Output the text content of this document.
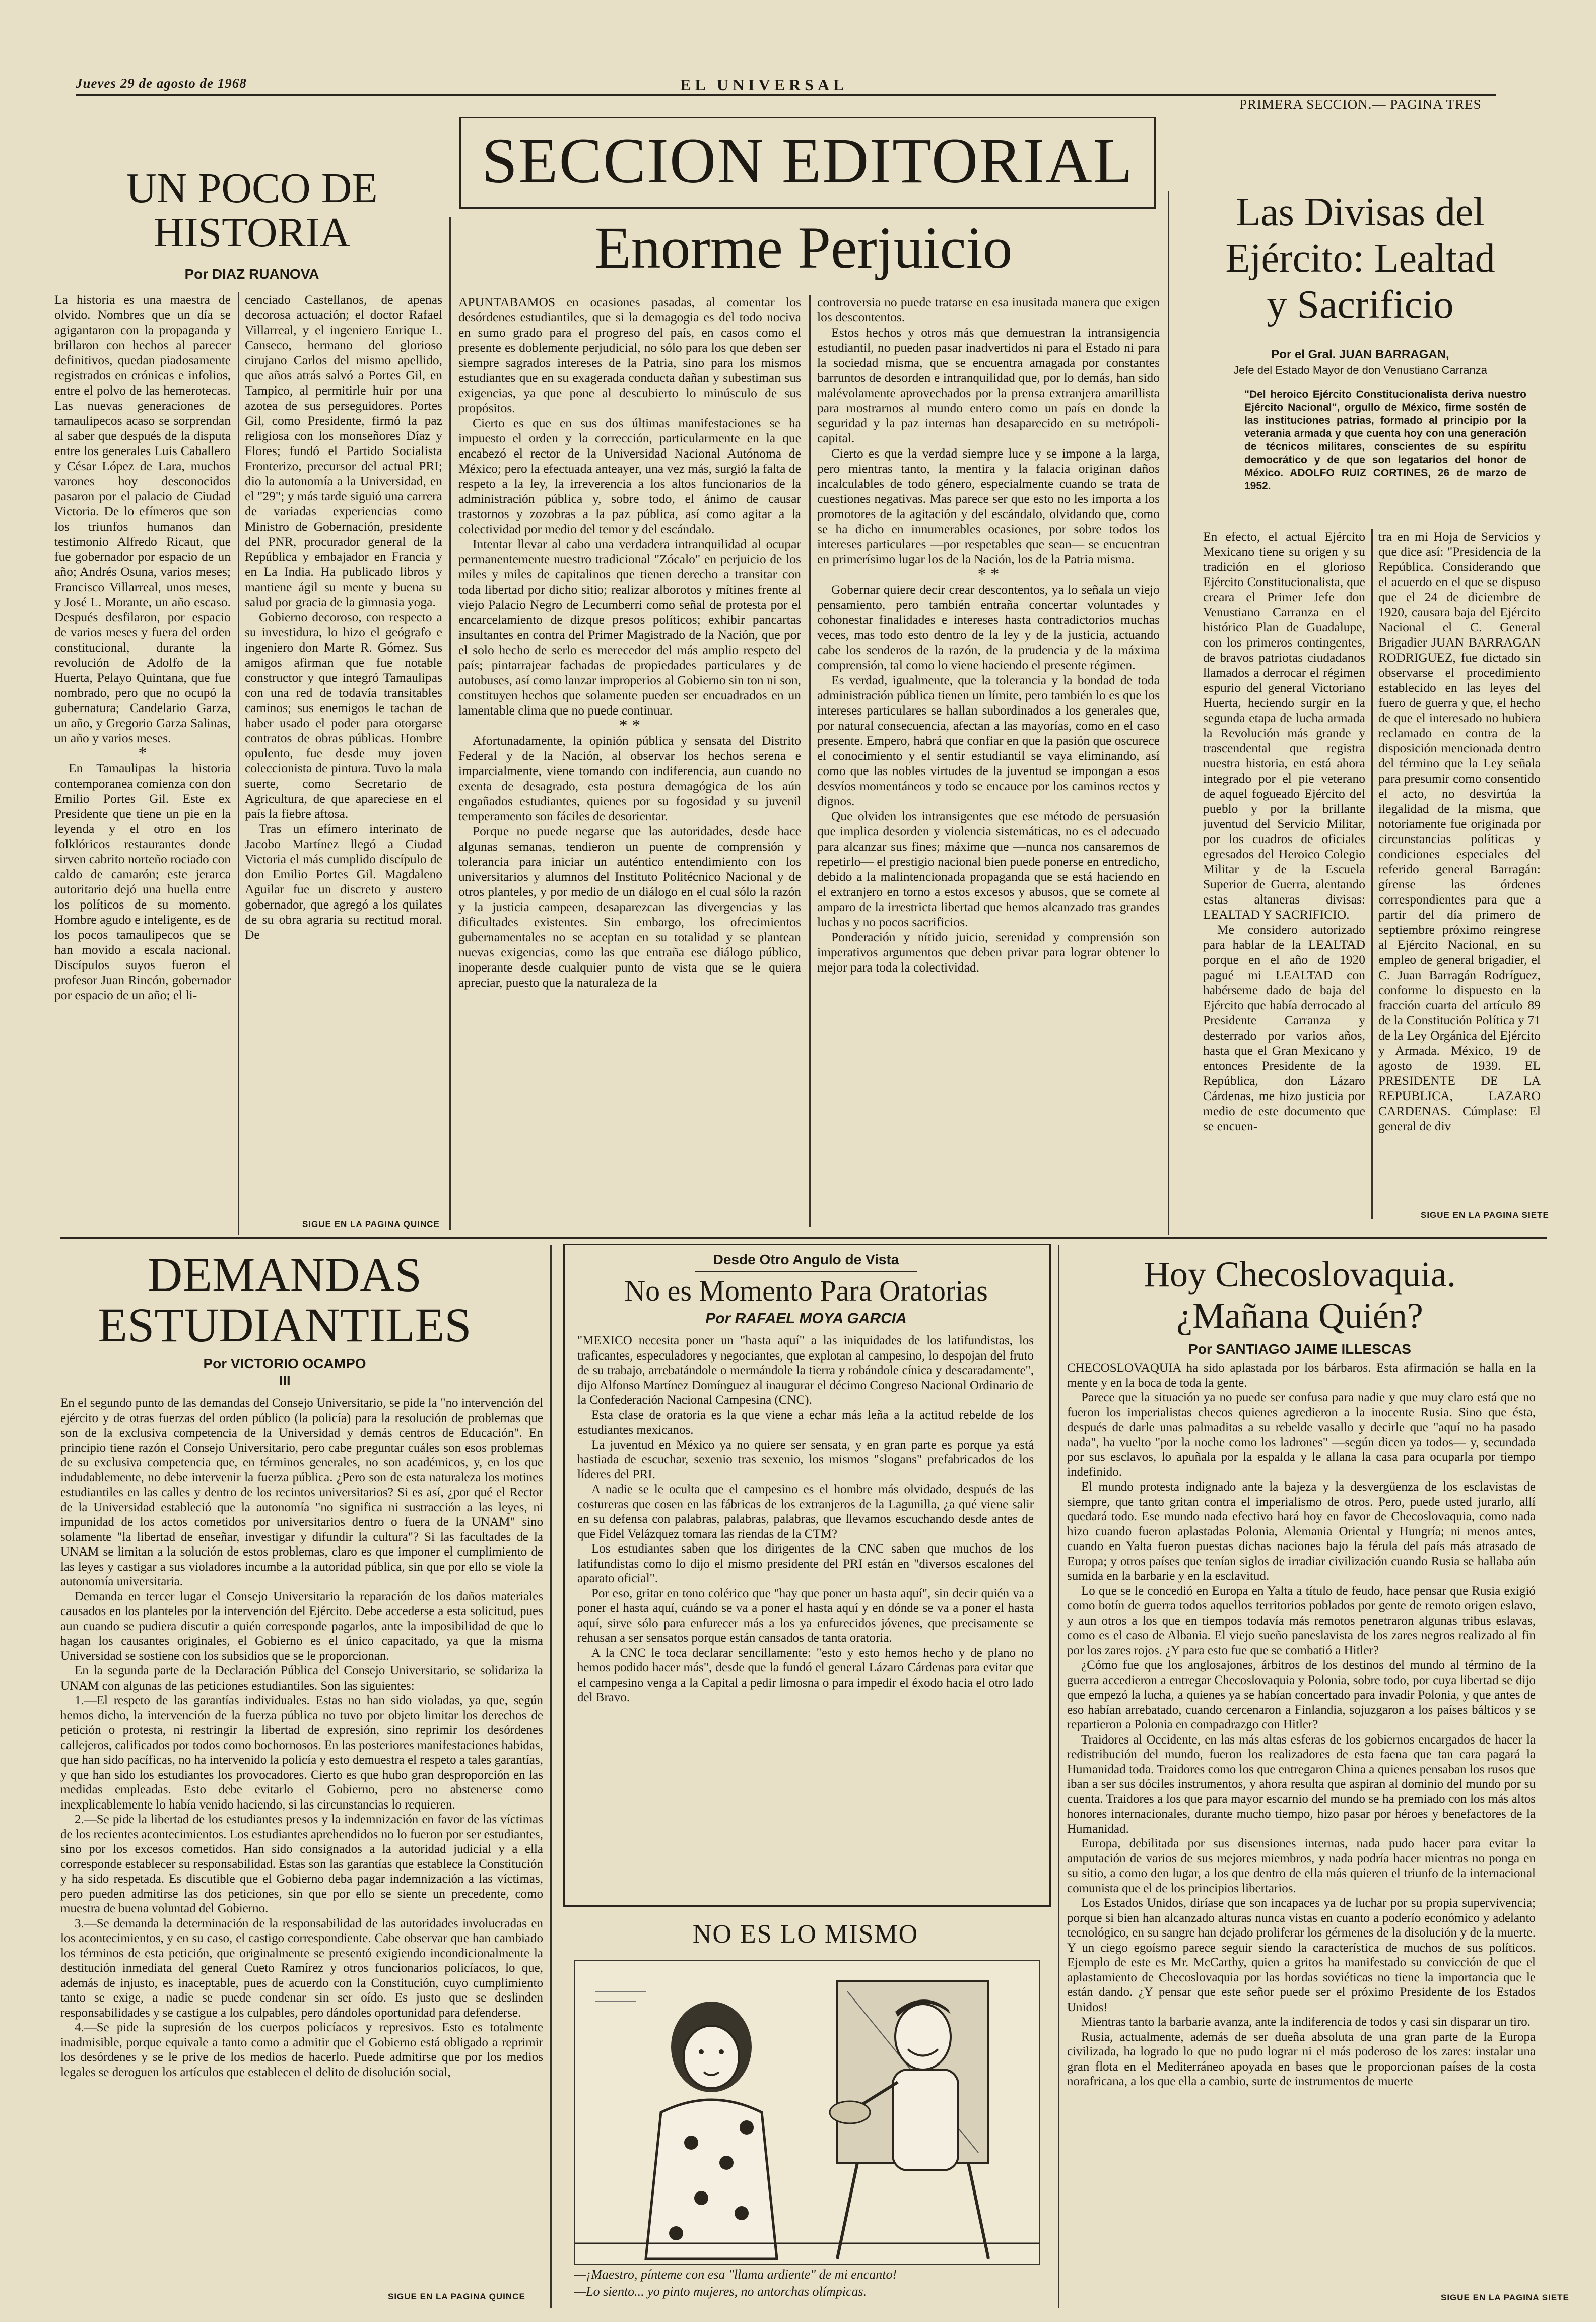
Jueves 29 de agosto de 1968	EL UNIVERSAL
PRIMERA SECCION.— PAGINA TRES
SECCION EDITORIAL
UN POCO DE
HISTORIA
Por DIAZ RUANOVA

La historia es una maestra de olvido. Nombres que un día se agigantaron con la propaganda y brillaron con hechos al parecer definitivos, quedan piadosamente registrados en crónicas e infolios, entre el polvo de las hemerotecas. Las nuevas generaciones de tamaulipecos acaso se sorprendan al saber que después de la disputa entre los generales Luis Caballero y César López de Lara, muchos varones hoy desconocidos pasaron por el palacio de Ciudad Victoria. De lo efímeros que son los triunfos humanos dan testimonio Alfredo Ricaut, que fue gobernador por espacio de un año; Andrés Osuna, varios meses; Francisco Villarreal, unos meses, y José L. Morante, un año escaso. Después desfilaron, por espacio de varios meses y fuera del orden constitucional, durante la revolución de Adolfo de la Huerta, Pelayo Quintana, que fue nombrado, pero que no ocupó la gubernatura; Candelario Garza, un año, y Gregorio Garza Salinas, un año y varios meses.

*

En Tamaulipas la historia contemporanea comienza con don Emilio Portes Gil. Este ex Presidente que tiene un pie en la leyenda y el otro en los folklóricos restaurantes donde sirven cabrito norteño rociado con caldo de camarón; este jerarca autoritario dejó una huella entre los políticos de su momento. Hombre agudo e inteligente, es de los pocos tamaulipecos que se han movido a escala nacional. Discípulos suyos fueron el profesor Juan Rincón, gobernador por espacio de un año; el li-

cenciado Castellanos, de apenas decorosa actuación; el doctor Rafael Villarreal, y el ingeniero Enrique L. Canseco, hermano del glorioso cirujano Carlos del mismo apellido, que años atrás salvó a Portes Gil, en Tampico, al permitirle huir por una azotea de sus perseguidores. Portes Gil, como Presidente, firmó la paz religiosa con los monseñores Díaz y Flores; fundó el Partido Socialista Fronterizo, precursor del actual PRI; dio la autonomía a la Universidad, en el "29"; y más tarde siguió una carrera de variadas experiencias como Ministro de Gobernación, presidente del PNR, procurador general de la República y embajador en Francia y en La India. Ha publicado libros y mantiene ágil su mente y buena su salud por gracia de la gimnasia yoga.

Gobierno decoroso, con respecto a su investidura, lo hizo el geógrafo e ingeniero don Marte R. Gómez. Sus amigos afirman que fue notable constructor y que integró Tamaulipas con una red de todavía transitables caminos; sus enemigos le tachan de haber usado el poder para otorgarse contratos de obras públicas. Hombre opulento, fue desde muy joven coleccionista de pintura. Tuvo la mala suerte, como Secretario de Agricultura, de que apareciese en el país la fiebre aftosa.

Tras un efímero interinato de Jacobo Martínez llegó a Ciudad Victoria el más cumplido discípulo de don Emilio Portes Gil. Magdaleno Aguilar fue un discreto y austero gobernador, que agregó a los quilates de su obra agraria su rectitud moral. De

SIGUE EN LA PAGINA QUINCE
Enorme Perjuicio

APUNTABAMOS en ocasiones pasadas, al comentar los desórdenes estudiantiles, que si la demagogia es del todo nociva en sumo grado para el progreso del país, en casos como el presente es doblemente perjudicial, no sólo para los que deben ser siempre sagrados intereses de la Patria, sino para los mismos estudiantes que en su exagerada conducta dañan y subestiman sus exigencias, ya que pone al descubierto lo minúsculo de sus propósitos.

Cierto es que en sus dos últimas manifestaciones se ha impuesto el orden y la corrección, particularmente en la que encabezó el rector de la Universidad Nacional Autónoma de México; pero la efectuada anteayer, una vez más, surgió la falta de respeto a la ley, la irreverencia a los altos funcionarios de la administración pública y, sobre todo, el ánimo de causar trastornos y zozobras a la paz pública, así como agitar a la colectividad por medio del temor y del escándalo.

Intentar llevar al cabo una verdadera intranquilidad al ocupar permanentemente nuestro tradicional "Zócalo" en perjuicio de los miles y miles de capitalinos que tienen derecho a transitar con toda libertad por dicho sitio; realizar alborotos y mítines frente al viejo Palacio Negro de Lecumberri como señal de protesta por el encarcelamiento de dizque presos políticos; exhibir pancartas insultantes en contra del Primer Magistrado de la Nación, que por el solo hecho de serlo es merecedor del más amplio respeto del país; pintarrajear fachadas de propiedades particulares y de autobuses, así como lanzar improperios al Gobierno sin ton ni son, constituyen hechos que solamente pueden ser encuadrados en un lamentable clima que no puede continuar.

* *

Afortunadamente, la opinión pública y sensata del Distrito Federal y de la Nación, al observar los hechos serena e imparcialmente, viene tomando con indiferencia, aun cuando no exenta de desagrado, esta postura demagógica de los aún engañados estudiantes, quienes por su fogosidad y su juvenil temperamento son fáciles de desorientar.

Porque no puede negarse que las autoridades, desde hace algunas semanas, tendieron un puente de comprensión y tolerancia para iniciar un auténtico entendimiento con los universitarios y alumnos del Instituto Politécnico Nacional y de otros planteles, y por medio de un diálogo en el cual sólo la razón y la justicia campeen, desaparezcan las divergencias y las dificultades existentes. Sin embargo, los ofrecimientos gubernamentales no se aceptan en su totalidad y se plantean nuevas exigencias, como las que entraña ese diálogo público, inoperante desde cualquier punto de vista que se le quiera apreciar, puesto que la naturaleza de la

controversia no puede tratarse en esa inusitada manera que exigen los descontentos.

Estos hechos y otros más que demuestran la intransigencia estudiantil, no pueden pasar inadvertidos ni para el Estado ni para la sociedad misma, que se encuentra amagada por constantes barruntos de desorden e intranquilidad que, por lo demás, han sido malévolamente aprovechados por la prensa extranjera amarillista para mostrarnos al mundo entero como un país en donde la seguridad y la paz internas han desaparecido en su metrópoli-capital.

Cierto es que la verdad siempre luce y se impone a la larga, pero mientras tanto, la mentira y la falacia originan daños incalculables de todo género, especialmente cuando se trata de cuestiones negativas. Mas parece ser que esto no les importa a los promotores de la agitación y del escándalo, olvidando que, como se ha dicho en innumerables ocasiones, por sobre todos los intereses particulares —por respetables que sean— se encuentran en primerísimo lugar los de la Nación, los de la Patria misma.

* *

Gobernar quiere decir crear descontentos, ya lo señala un viejo pensamiento, pero también entraña concertar voluntades y cohonestar finalidades e intereses hasta contradictorios muchas veces, mas todo esto dentro de la ley y de la justicia, actuando cabe los senderos de la razón, de la prudencia y de la máxima comprensión, tal como lo viene haciendo el presente régimen.

Es verdad, igualmente, que la tolerancia y la bondad de toda administración pública tienen un límite, pero también lo es que los intereses particulares se hallan subordinados a los generales que, por natural consecuencia, afectan a las mayorías, como en el caso presente. Empero, habrá que confiar en que la pasión que oscurece el conocimiento y el sentir estudiantil se vaya eliminando, así como que las nobles virtudes de la juventud se impongan a esos desvíos momentáneos y todo se encauce por los caminos rectos y dignos.

Que olviden los intransigentes que ese método de persuasión que implica desorden y violencia sistemáticas, no es el adecuado para alcanzar sus fines; máxime que —nunca nos cansaremos de repetirlo— el prestigio nacional bien puede ponerse en entredicho, debido a la malintencionada propaganda que se está haciendo en el extranjero en torno a estos excesos y abusos, que se comete al amparo de la irrestricta libertad que hemos alcanzado tras grandes luchas y no pocos sacrificios.

Ponderación y nítido juicio, serenidad y comprensión son imperativos argumentos que deben privar para lograr obtener lo mejor para toda la colectividad.

Las Divisas del
Ejército: Lealtad
y Sacrificio
Por el Gral. JUAN BARRAGAN,
Jefe del Estado Mayor de don Venustiano Carranza
"Del heroico Ejército Constitucionalista deriva nuestro Ejército Nacional", orgullo de México, firme sostén de las instituciones patrias, formado al principio por la veterania armada y que cuenta hoy con una generación de técnicos militares, conscientes de su espíritu democrático y de que son legatarios del honor de México. ADOLFO RUIZ CORTINES, 26 de marzo de 1952.

En efecto, el actual Ejército Mexicano tiene su origen y su tradición en el glorioso Ejército Constitucionalista, que creara el Primer Jefe don Venustiano Carranza en el histórico Plan de Guadalupe, con los primeros contingentes, de bravos patriotas ciudadanos llamados a derrocar el régimen espurio del general Victoriano Huerta, heciendo surgir en la segunda etapa de lucha armada la Revolución más grande y trascendental que registra nuestra historia, en está ahora integrado por el pie veterano de aquel fogueado Ejército del pueblo y por la brillante juventud del Servicio Militar, por los cuadros de oficiales egresados del Heroico Colegio Militar y de la Escuela Superior de Guerra, alentando estas altaneras divisas: LEALTAD Y SACRIFICIO.

Me considero autorizado para hablar de la LEALTAD porque en el año de 1920 pagué mi LEALTAD con habérseme dado de baja del Ejército que había derrocado al Presidente Carranza y desterrado por varios años, hasta que el Gran Mexicano y entonces Presidente de la República, don Lázaro Cárdenas, me hizo justicia por medio de este documento que se encuen-

tra en mi Hoja de Servicios y que dice así: "Presidencia de la República. Considerando que el acuerdo en el que se dispuso que el 24 de diciembre de 1920, causara baja del Ejército Nacional el C. General Brigadier JUAN BARRAGAN RODRIGUEZ, fue dictado sin observarse el procedimiento establecido en las leyes del fuero de guerra y que, el hecho de que el interesado no hubiera reclamado en contra de la disposición mencionada dentro del término que la Ley señala para presumir como consentido el acto, no desvirtúa la ilegalidad de la misma, que notoriamente fue originada por circunstancias políticas y condiciones especiales del referido general Barragán: gírense las órdenes correspondientes para que a partir del día primero de septiembre próximo reingrese al Ejército Nacional, en su empleo de general brigadier, el C. Juan Barragán Rodríguez, conforme lo dispuesto en la fracción cuarta del artículo 89 de la Constitución Política y 71 de la Ley Orgánica del Ejército y Armada. México, 19 de agosto de 1939. EL PRESIDENTE DE LA REPUBLICA, LAZARO CARDENAS. Cúmplase: El general de div

SIGUE EN LA PAGINA SIETE
DEMANDAS
ESTUDIANTILES
Por VICTORIO OCAMPO
III

En el segundo punto de las demandas del Consejo Universitario, se pide la "no intervención del ejército y de otras fuerzas del orden público (la policía) para la resolución de problemas que son de la exclusiva competencia de la Universidad y demás centros de Educación". En principio tiene razón el Consejo Universitario, pero cabe preguntar cuáles son esos problemas de su exclusiva competencia que, en términos generales, no son académicos, y, en los que indudablemente, no debe intervenir la fuerza pública. ¿Pero son de esta naturaleza los motines estudiantiles en las calles y dentro de los recintos universitarios? Si es así, ¿por qué el Rector de la Universidad estableció que la autonomía "no significa ni sustracción a las leyes, ni impunidad de los actos cometidos por universitarios dentro o fuera de la UNAM" sino solamente "la libertad de enseñar, investigar y difundir la cultura"? Si las facultades de la UNAM se limitan a la solución de estos problemas, claro es que imponer el cumplimiento de las leyes y castigar a sus violadores incumbe a la autoridad pública, sin que por ello se viole la autonomía universitaria.

Demanda en tercer lugar el Consejo Universitario la reparación de los daños materiales causados en los planteles por la intervención del Ejército. Debe accederse a esta solicitud, pues aun cuando se pudiera discutir a quién corresponde pagarlos, ante la imposibilidad de que lo hagan los causantes originales, el Gobierno es el único capacitado, ya que la misma Universidad se sostiene con los subsidios que se le proporcionan.

En la segunda parte de la Declaración Pública del Consejo Universitario, se solidariza la UNAM con algunas de las peticiones estudiantiles. Son las siguientes:

1.—El respeto de las garantías individuales. Estas no han sido violadas, ya que, según hemos dicho, la intervención de la fuerza pública no tuvo por objeto limitar los derechos de petición o protesta, ni restringir la libertad de expresión, sino reprimir los desórdenes callejeros, calificados por todos como bochornosos. En las posteriores manifestaciones habidas, que han sido pacíficas, no ha intervenido la policía y esto demuestra el respeto a tales garantías, y que han sido los estudiantes los provocadores. Cierto es que hubo gran desproporción en las medidas empleadas. Esto debe evitarlo el Gobierno, pero no abstenerse como inexplicablemente lo había venido haciendo, si las circunstancias lo requieren.

2.—Se pide la libertad de los estudiantes presos y la indemnización en favor de las víctimas de los recientes acontecimientos. Los estudiantes aprehendidos no lo fueron por ser estudiantes, sino por los excesos cometidos. Han sido consignados a la autoridad judicial y a ella corresponde establecer su responsabilidad. Estas son las garantías que establece la Constitución y ha sido respetada. Es discutible que el Gobierno deba pagar indemnización a las víctimas, pero pueden admitirse las dos peticiones, sin que por ello se siente un precedente, como muestra de buena voluntad del Gobierno.

3.—Se demanda la determinación de la responsabilidad de las autoridades involucradas en los acontecimientos, y en su caso, el castigo correspondiente. Cabe observar que han cambiado los términos de esta petición, que originalmente se presentó exigiendo incondicionalmente la destitución inmediata del general Cueto Ramírez y otros funcionarios policíacos, lo que, además de injusto, es inaceptable, pues de acuerdo con la Constitución, cuyo cumplimiento tanto se exige, a nadie se puede condenar sin ser oído. Es justo que se deslinden responsabilidades y se castigue a los culpables, pero dándoles oportunidad para defenderse.

4.—Se pide la supresión de los cuerpos policíacos y represivos. Esto es totalmente inadmisible, porque equivale a tanto como a admitir que el Gobierno está obligado a reprimir los desórdenes y se le prive de los medios de hacerlo. Puede admitirse que por los medios legales se deroguen los artículos que establecen el delito de disolución social,

SIGUE EN LA PAGINA QUINCE
Desde Otro Angulo de Vista
No es Momento Para Oratorias
Por RAFAEL MOYA GARCIA

"MEXICO necesita poner un "hasta aquí" a las iniquidades de los latifundistas, los traficantes, especuladores y negociantes, que explotan al campesino, lo despojan del fruto de su trabajo, arrebatándole o mermándole la tierra y robándole cínica y descaradamente", dijo Alfonso Martínez Domínguez al inaugurar el décimo Congreso Nacional Ordinario de la Confederación Nacional Campesina (CNC).

Esta clase de oratoria es la que viene a echar más leña a la actitud rebelde de los estudiantes mexicanos.

La juventud en México ya no quiere ser sensata, y en gran parte es porque ya está hastiada de escuchar, sexenio tras sexenio, los mismos "slogans" prefabricados de los líderes del PRI.

A nadie se le oculta que el campesino es el hombre más olvidado, después de las costureras que cosen en las fábricas de los extranjeros de la Lagunilla, ¿a qué viene salir en su defensa con palabras, palabras, palabras, que llevamos escuchando desde antes de que Fidel Velázquez tomara las riendas de la CTM?

Los estudiantes saben que los dirigentes de la CNC saben que muchos de los latifundistas como lo dijo el mismo presidente del PRI están en "diversos escalones del aparato oficial".

Por eso, gritar en tono colérico que "hay que poner un hasta aquí", sin decir quién va a poner el hasta aquí, cuándo se va a poner el hasta aquí y en dónde se va a poner el hasta aquí, sirve sólo para enfurecer más a los ya enfurecidos jóvenes, que precisamente se rehusan a ser sensatos porque están cansados de tanta oratoria.

A la CNC le toca declarar sencillamente: "esto y esto hemos hecho y de plano no hemos podido hacer más", desde que la fundó el general Lázaro Cárdenas para evitar que el campesino venga a la Capital a pedir limosna o para impedir el éxodo hacia el otro lado del Bravo.

NO ES LO MISMO
—¡Maestro, pínteme con esa "llama ardiente" de mi encanto!
—Lo siento... yo pinto mujeres, no antorchas olímpicas.
Hoy Checoslovaquia.
¿Mañana Quién?
Por SANTIAGO JAIME ILLESCAS

CHECOSLOVAQUIA ha sido aplastada por los bárbaros. Esta afirmación se halla en la mente y en la boca de toda la gente.

Parece que la situación ya no puede ser confusa para nadie y que muy claro está que no fueron los imperialistas checos quienes agredieron a la inocente Rusia. Sino que ésta, después de darle unas palmaditas a su rebelde vasallo y decirle que "aquí no ha pasado nada", ha vuelto "por la noche como los ladrones" —según dicen ya todos— y, secundada por sus esclavos, lo apuñala por la espalda y le allana la casa para ocuparla por tiempo indefinido.

El mundo protesta indignado ante la bajeza y la desvergüenza de los esclavistas de siempre, que tanto gritan contra el imperialismo de otros. Pero, puede usted jurarlo, allí quedará todo. Ese mundo nada efectivo hará hoy en favor de Checoslovaquia, como nada hizo cuando fueron aplastadas Polonia, Alemania Oriental y Hungría; ni menos antes, cuando en Yalta fueron puestas dichas naciones bajo la férula del país más atrasado de Europa; y otros países que tenían siglos de irradiar civilización cuando Rusia se hallaba aún sumida en la barbarie y en la esclavitud.

Lo que se le concedió en Europa en Yalta a título de feudo, hace pensar que Rusia exigió como botín de guerra todos aquellos territorios poblados por gente de remoto origen eslavo, y aun otros a los que en tiempos todavía más remotos penetraron algunas tribus eslavas, como es el caso de Albania. El viejo sueño paneslavista de los zares negros realizado al fin por los zares rojos. ¿Y para esto fue que se combatió a Hitler?

¿Cómo fue que los anglosajones, árbitros de los destinos del mundo al término de la guerra accedieron a entregar Checoslovaquia y Polonia, sobre todo, por cuya libertad se dijo que empezó la lucha, a quienes ya se habían concertado para invadir Polonia, y que antes de eso habían arrebatado, cuando cercenaron a Finlandia, sojuzgaron a los países bálticos y se repartieron a Polonia en compadrazgo con Hitler?

Traidores al Occidente, en las más altas esferas de los gobiernos encargados de hacer la redistribución del mundo, fueron los realizadores de esta faena que tan cara pagará la Humanidad toda. Traidores como los que entregaron China a quienes pensaban los rusos que iban a ser sus dóciles instrumentos, y ahora resulta que aspiran al dominio del mundo por su cuenta. Traidores a los que para mayor escarnio del mundo se ha premiado con los más altos honores internacionales, durante mucho tiempo, hizo pasar por héroes y benefactores de la Humanidad.

Europa, debilitada por sus disensiones internas, nada pudo hacer para evitar la amputación de varios de sus mejores miembros, y nada podría hacer mientras no ponga en su sitio, a como den lugar, a los que dentro de ella más quieren el triunfo de la internacional comunista que el de los principios libertarios.

Los Estados Unidos, diríase que son incapaces ya de luchar por su propia supervivencia; porque si bien han alcanzado alturas nunca vistas en cuanto a poderío económico y adelanto tecnológico, en su sangre han dejado proliferar los gérmenes de la disolución y de la muerte. Y un ciego egoísmo parece seguir siendo la característica de muchos de sus políticos. Ejemplo de este es Mr. McCarthy, quien a gritos ha manifestado su convicción de que el aplastamiento de Checoslovaquia por las hordas soviéticas no tiene la importancia que le están dando. ¿Y pensar que este señor puede ser el próximo Presidente de los Estados Unidos!

Mientras tanto la barbarie avanza, ante la indiferencia de todos y casi sin disparar un tiro.

Rusia, actualmente, además de ser dueña absoluta de una gran parte de la Europa civilizada, ha logrado lo que no pudo lograr ni el más poderoso de los zares: instalar una gran flota en el Mediterráneo apoyada en bases que le proporcionan países de la costa norafricana, a los que ella a cambio, surte de instrumentos de muerte

SIGUE EN LA PAGINA SIETE
